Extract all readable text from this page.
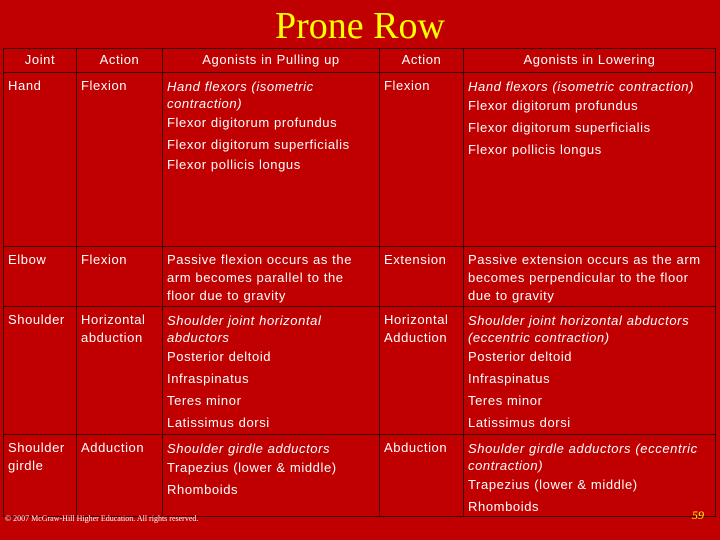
Prone Row
Joint	Action	Agonists in Pulling up	Action	Agonists in Lowering

Hand	Flexion	Hand flexors (isometric contraction)
Flexor digitorum profundus
Flexor digitorum superficialis
Flexor pollicis longus	Flexion	Hand flexors (isometric contraction)
Flexor digitorum profundus
Flexor digitorum superficialis
Flexor pollicis longus

Elbow	Flexion	Passive flexion occurs as the arm becomes parallel to the floor due to gravity	Extension	Passive extension occurs as the arm becomes perpendicular to the floor due to gravity

Shoulder	Horizontal abduction	Shoulder joint horizontal abductors
Posterior deltoid
Infraspinatus
Teres minor
Latissimus dorsi	Horizontal Adduction	Shoulder joint horizontal abductors (eccentric contraction)
Posterior deltoid
Infraspinatus
Teres minor
Latissimus dorsi

Shoulder girdle	Adduction	Shoulder girdle adductors
Trapezius (lower & middle)
Rhomboids	Abduction	Shoulder girdle adductors (eccentric contraction)
Trapezius (lower & middle)
Rhomboids
© 2007 McGraw-Hill Higher Education. All rights reserved.	59
